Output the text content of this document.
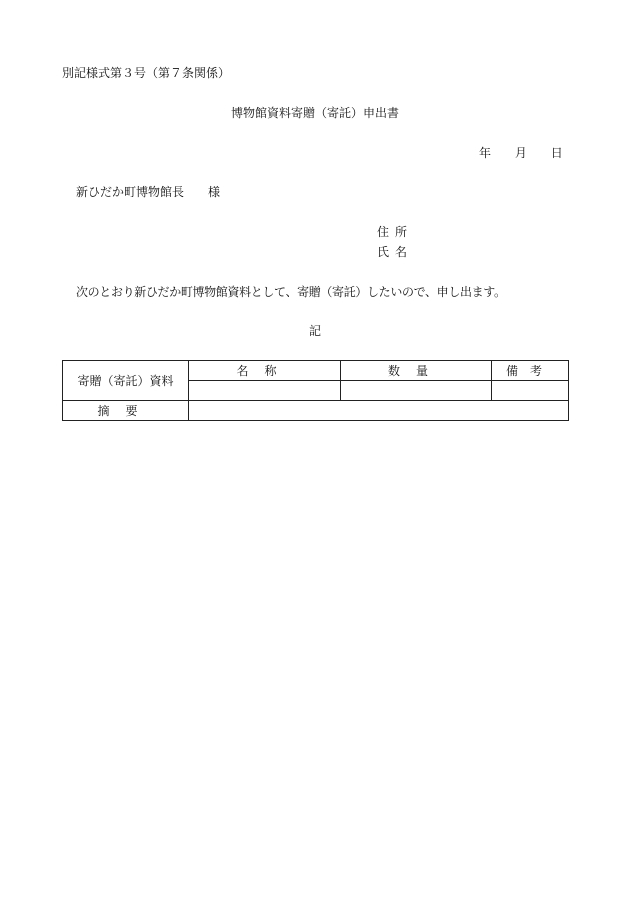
別記様式第３号（第７条関係）
博物館資料寄贈（寄託）申出書
年 月 日
新ひだか町博物館長 様
住所
氏名
次のとおり新ひだか町博物館資料として、寄贈（寄託）したいので、申し出ます。
記
寄贈（寄託）資料	名称	数量	備考

摘要			
